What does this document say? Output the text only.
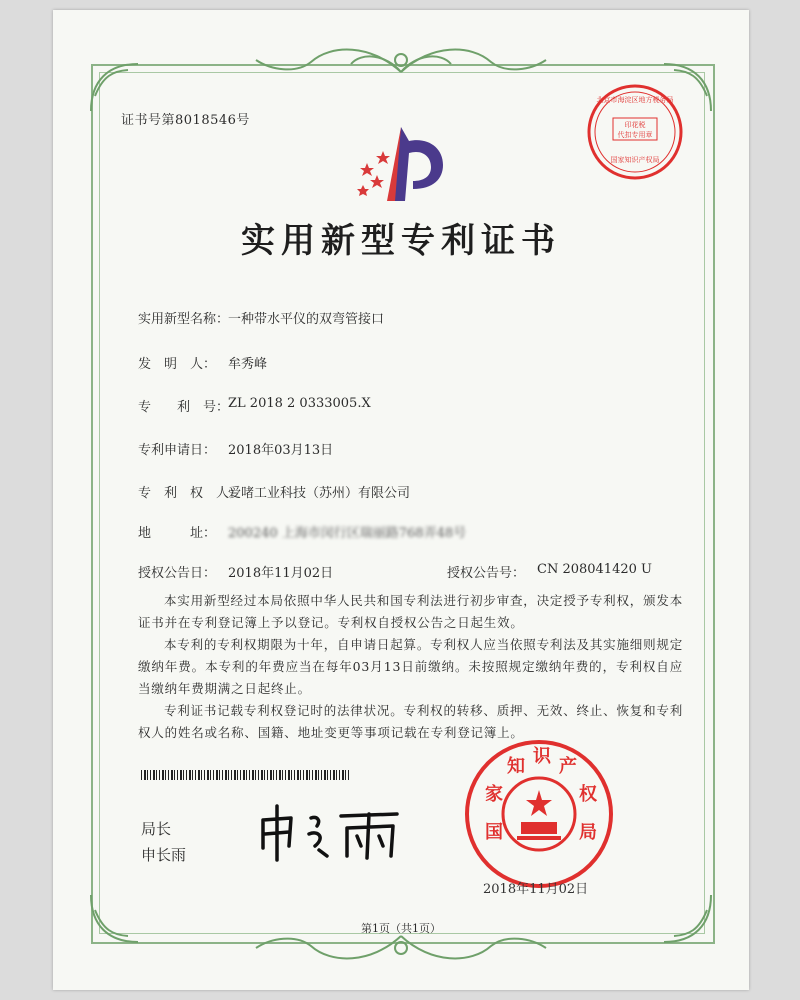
证书号第8018546号	印花税
代扣专用章
国家知识产权局
北京市海淀区地方税务局
实用新型专利证书
实用新型名称：
一种带水平仪的双弯管接口
发　明　人： 牟秀峰
专　　利　号：
ZL 2018 2 0333005.X
专利申请日： 2018年03月13日
专　利　权　人：
爱啫工业科技（苏州）有限公司
地　　　址： 200240 上海市闵行区瑞丽路768弄48号
授权公告日： 2018年11月02日	授权公告号： CN 208041420 U
本实用新型经过本局依照中华人民共和国专利法进行初步审查，决定授予专利权，颁发本证书并在专利登记簿上予以登记。专利权自授权公告之日起生效。
本专利的专利权期限为十年，自申请日起算。专利权人应当依照专利法及其实施细则规定缴纳年费。本专利的年费应当在每年03月13日前缴纳。未按照规定缴纳年费的，专利权自应当缴纳年费期满之日起终止。
专利证书记载专利权登记时的法律状况。专利权的转移、质押、无效、终止、恢复和专利权人的姓名或名称、国籍、地址变更等事项记载在专利登记簿上。
局长
申长雨
国
家
知 识 产
权
局
2018年11月02日
第1页（共1页）
